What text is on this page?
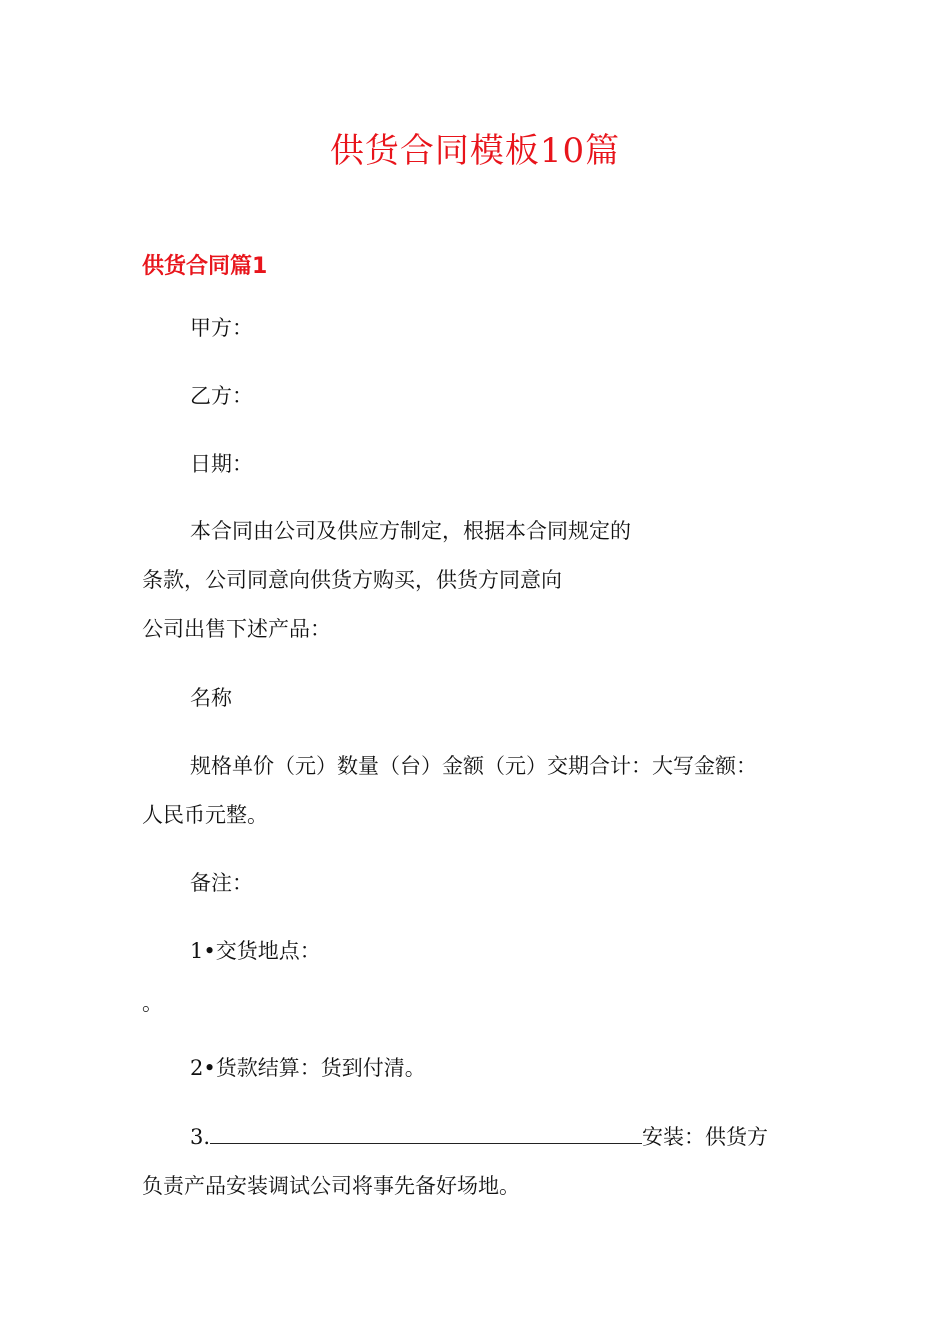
供货合同模板10篇
供货合同篇1
甲方：
乙方：
日期：
本合同由公司及供应方制定，根据本合同规定的
条款，公司同意向供货方购买，供货方同意向
公司出售下述产品：
名称
规格单价（元）数量（台）金额（元）交期合计：大写金额：
人民币元整。
备注：
1•交货地点：
。
2•货款结算：货到付清。
3.	安装：供货方
负责产品安装调试公司将事先备好场地。
